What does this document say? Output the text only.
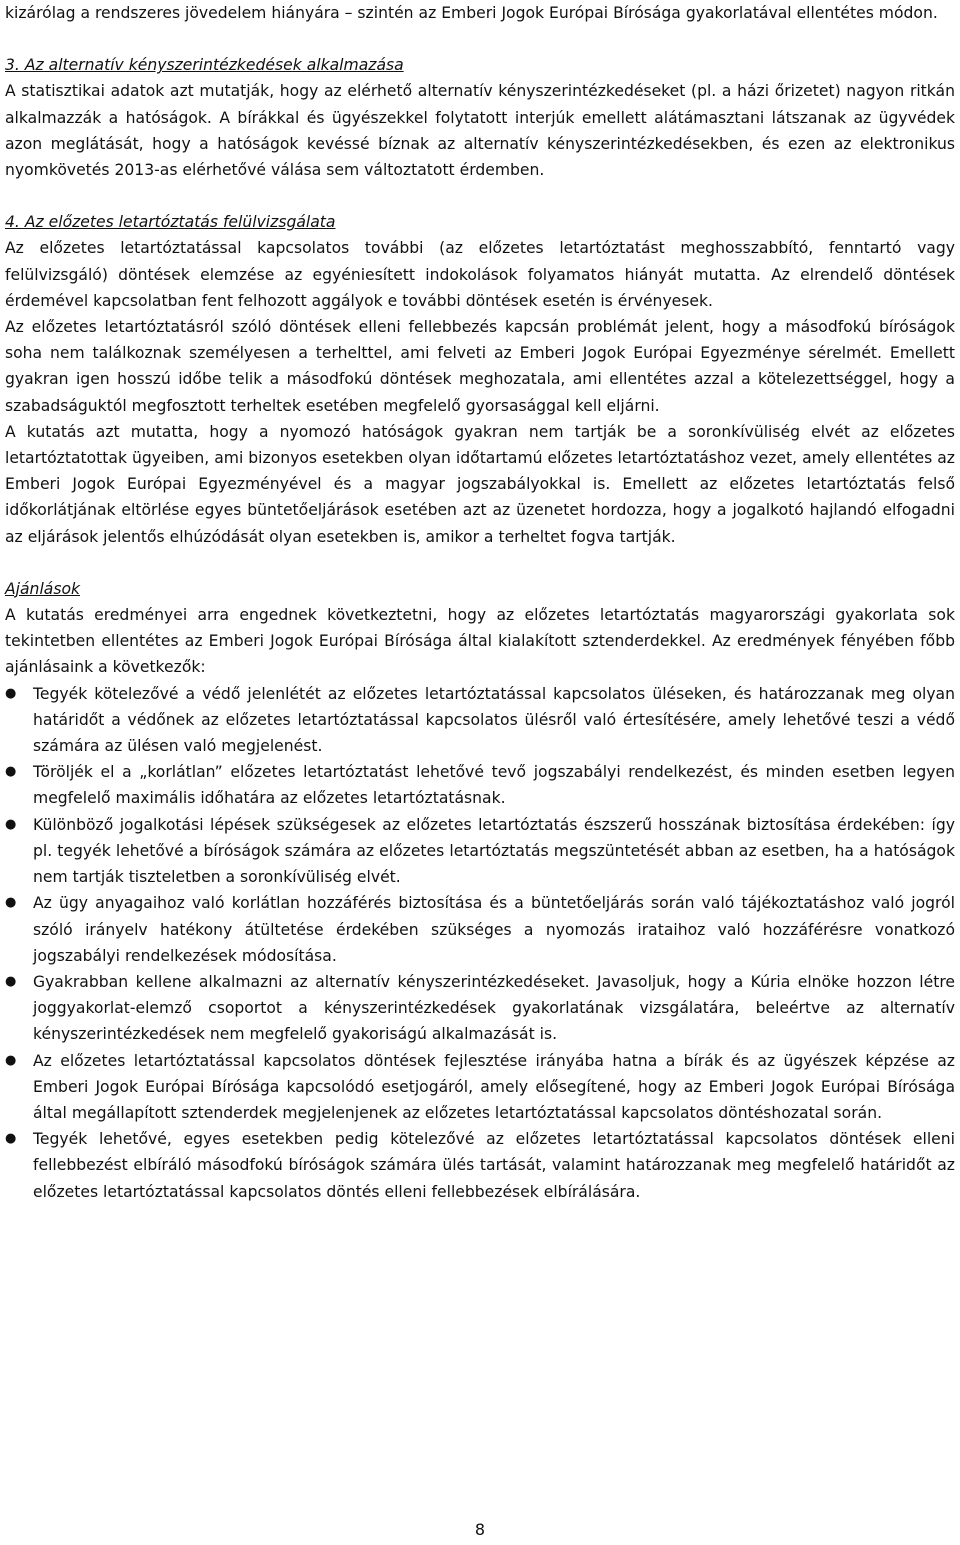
kizárólag a rendszeres jövedelem hiányára – szintén az Emberi Jogok Európai Bírósága gyakorlatával ellentétes módon.

3. Az alternatív kényszerintézkedések alkalmazása

A statisztikai adatok azt mutatják, hogy az elérhető alternatív kényszerintézkedéseket (pl. a házi őrizetet) nagyon ritkán alkalmazzák a hatóságok. A bírákkal és ügyészekkel folytatott interjúk emellett alátámasztani látszanak az ügyvédek azon meglátását, hogy a hatóságok kevéssé bíznak az alternatív kényszerintézkedésekben, és ezen az elektronikus nyomkövetés 2013-as elérhetővé válása sem változtatott érdemben.

4. Az előzetes letartóztatás felülvizsgálata

Az előzetes letartóztatással kapcsolatos további (az előzetes letartóztatást meghosszabbító, fenntartó vagy felülvizsgáló) döntések elemzése az egyéniesített indokolások folyamatos hiányát mutatta. Az elrendelő döntések érdemével kapcsolatban fent felhozott aggályok e további döntések esetén is érvényesek.

Az előzetes letartóztatásról szóló döntések elleni fellebbezés kapcsán problémát jelent, hogy a másodfokú bíróságok soha nem találkoznak személyesen a terhelttel, ami felveti az Emberi Jogok Európai Egyezménye sérelmét. Emellett gyakran igen hosszú időbe telik a másodfokú döntések meghozatala, ami ellentétes azzal a kötelezettséggel, hogy a szabadságuktól megfosztott terheltek esetében megfelelő gyorsasággal kell eljárni.

A kutatás azt mutatta, hogy a nyomozó hatóságok gyakran nem tartják be a soronkívüliség elvét az előzetes letartóztatottak ügyeiben, ami bizonyos esetekben olyan időtartamú előzetes letartóztatáshoz vezet, amely ellentétes az Emberi Jogok Európai Egyezményével és a magyar jogszabályokkal is. Emellett az előzetes letartóztatás felső időkorlátjának eltörlése egyes büntetőeljárások esetében azt az üzenetet hordozza, hogy a jogalkotó hajlandó elfogadni az eljárások jelentős elhúzódását olyan esetekben is, amikor a terheltet fogva tartják.

Ajánlások

A kutatás eredményei arra engednek következtetni, hogy az előzetes letartóztatás magyarországi gyakorlata sok tekintetben ellentétes az Emberi Jogok Európai Bírósága által kialakított sztenderdekkel. Az eredmények fényében főbb ajánlásaink a következők:

● Tegyék kötelezővé a védő jelenlétét az előzetes letartóztatással kapcsolatos üléseken, és határozzanak meg olyan határidőt a védőnek az előzetes letartóztatással kapcsolatos ülésről való értesítésére, amely lehetővé teszi a védő számára az ülésen való megjelenést.
● Töröljék el a „korlátlan” előzetes letartóztatást lehetővé tevő jogszabályi rendelkezést, és minden esetben legyen megfelelő maximális időhatára az előzetes letartóztatásnak.
● Különböző jogalkotási lépések szükségesek az előzetes letartóztatás észszerű hosszának biztosítása érdekében: így pl. tegyék lehetővé a bíróságok számára az előzetes letartóztatás megszüntetését abban az esetben, ha a hatóságok nem tartják tiszteletben a soronkívüliség elvét.
● Az ügy anyagaihoz való korlátlan hozzáférés biztosítása és a büntetőeljárás során való tájékoztatáshoz való jogról szóló irányelv hatékony átültetése érdekében szükséges a nyomozás irataihoz való hozzáférésre vonatkozó jogszabályi rendelkezések módosítása.
● Gyakrabban kellene alkalmazni az alternatív kényszerintézkedéseket. Javasoljuk, hogy a Kúria elnöke hozzon létre joggyakorlat-elemző csoportot a kényszerintézkedések gyakorlatának vizsgálatára, beleértve az alternatív kényszerintézkedések nem megfelelő gyakoriságú alkalmazását is.
● Az előzetes letartóztatással kapcsolatos döntések fejlesztése irányába hatna a bírák és az ügyészek képzése az Emberi Jogok Európai Bírósága kapcsolódó esetjogáról, amely elősegítené, hogy az Emberi Jogok Európai Bírósága által megállapított sztenderdek megjelenjenek az előzetes letartóztatással kapcsolatos döntéshozatal során.
● Tegyék lehetővé, egyes esetekben pedig kötelezővé az előzetes letartóztatással kapcsolatos döntések elleni fellebbezést elbíráló másodfokú bíróságok számára ülés tartását, valamint határozzanak meg megfelelő határidőt az előzetes letartóztatással kapcsolatos döntés elleni fellebbezések elbírálására.
8
